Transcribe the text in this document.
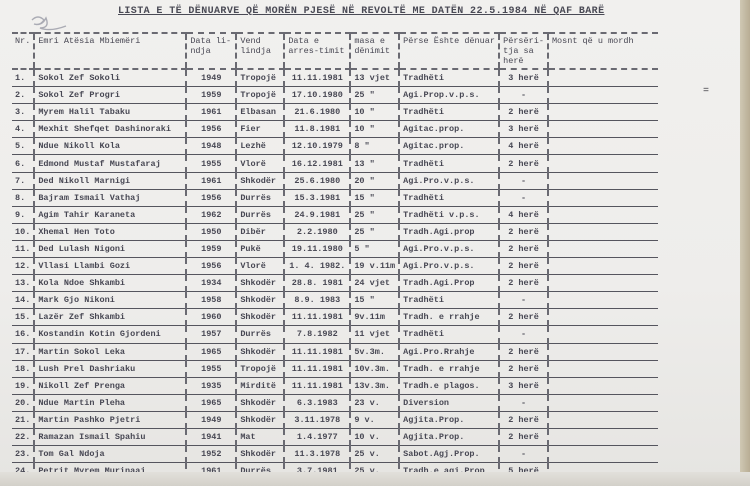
LISTA E TË DËNUARVE QË MORËN PJESË NË REVOLTË ME DATËN 22.5.1984 NË QAF BARË
Nr.	Emri Atësia Mbiemëri	Data li-ndja	Vend lindja	Data e arres-timit	masa e dënimit	Përse Ështe dënuar	Përsëri-tja sa herë	Mosnt që u mordh
1.	Sokol Zef Sokoli	1949	Tropojë	11.11.1981	13 vjet	Tradhëti	3 herë	
2.	Sokol Zef Progri	1959	Tropojë	17.10.1980	25 "	Agi.Prop.v.p.s.	-	
3.	Myrem Halil Tabaku	1961	Elbasan	21.6.1980	10 "	Tradhëti	2 herë	
4.	Mexhit Shefqet Dashinoraki	1956	Fier	11.8.1981	10 "	Agitac.prop.	3 herë	
5.	Ndue Nikoll Kola	1948	Lezhë	12.10.1979	8 "	Agitac.prop.	4 herë	
6.	Edmond Mustaf Mustafaraj	1955	Vlorë	16.12.1981	13 "	Tradhëti	2 herë	
7.	Ded Nikoll Marnigi	1961	Shkodër	25.6.1980	20 "	Agi.Pro.v.p.s.	-	
8.	Bajram Ismail Vathaj	1956	Durrës	15.3.1981	15 "	Tradhëti	-	
9.	Agim Tahir Karaneta	1962	Durrës	24.9.1981	25 "	Tradhëti v.p.s.	4 herë	
10.	Xhemal Hen Toto	1950	Dibër	2.2.1980	25 "	Tradh.Agi.prop	2 herë	
11.	Ded Lulash Nigoni	1959	Pukë	19.11.1980	5 "	Agi.Pro.v.p.s.	2 herë	
12.	Vllasi Llambi Gozi	1956	Vlorë	1. 4. 1982.	19 v.11m	Agi.Pro.v.p.s.	2 herë	
13.	Kola Ndoe Shkambi	1934	Shkodër	28.8. 1981	24 vjet	Tradh.Agi.Prop	2 herë	
14.	Mark Gjo Nikoni	1958	Shkodër	8.9. 1983	15 "	Tradhëti	-	
15.	Lazër Zef Shkambi	1960	Shkodër	11.11.1981	9v.11m	Tradh. e rrahje	2 herë	
16.	Kostandin Kotin Gjordeni	1957	Durrës	7.8.1982	11 vjet	Tradhëti	-	
17.	Martin Sokol Leka	1965	Shkodër	11.11.1981	5v.3m.	Agi.Pro.Rrahje	2 herë	
18.	Lush Prel Dashriaku	1955	Tropojë	11.11.1981	10v.3m.	Tradh. e rrahje	2 herë	
19.	Nikoll Zef Prenga	1935	Mirditë	11.11.1981	13v.3m.	Tradh.e plagos.	3 herë	
20.	Ndue Martin Pleha	1965	Shkodër	6.3.1983	23 v.	Diversion	-	
21.	Martin Pashko Pjetri	1949	Shkodër	3.11.1978	9 v.	Agjita.Prop.	2 herë	
22.	Ramazan Ismail Spahiu	1941	Mat	1.4.1977	10 v.	Agjita.Prop.	2 herë	
23.	Tom Gal Ndoja	1952	Shkodër	11.3.1978	25 v.	Sabot.Agj.Prop.	-	

=
